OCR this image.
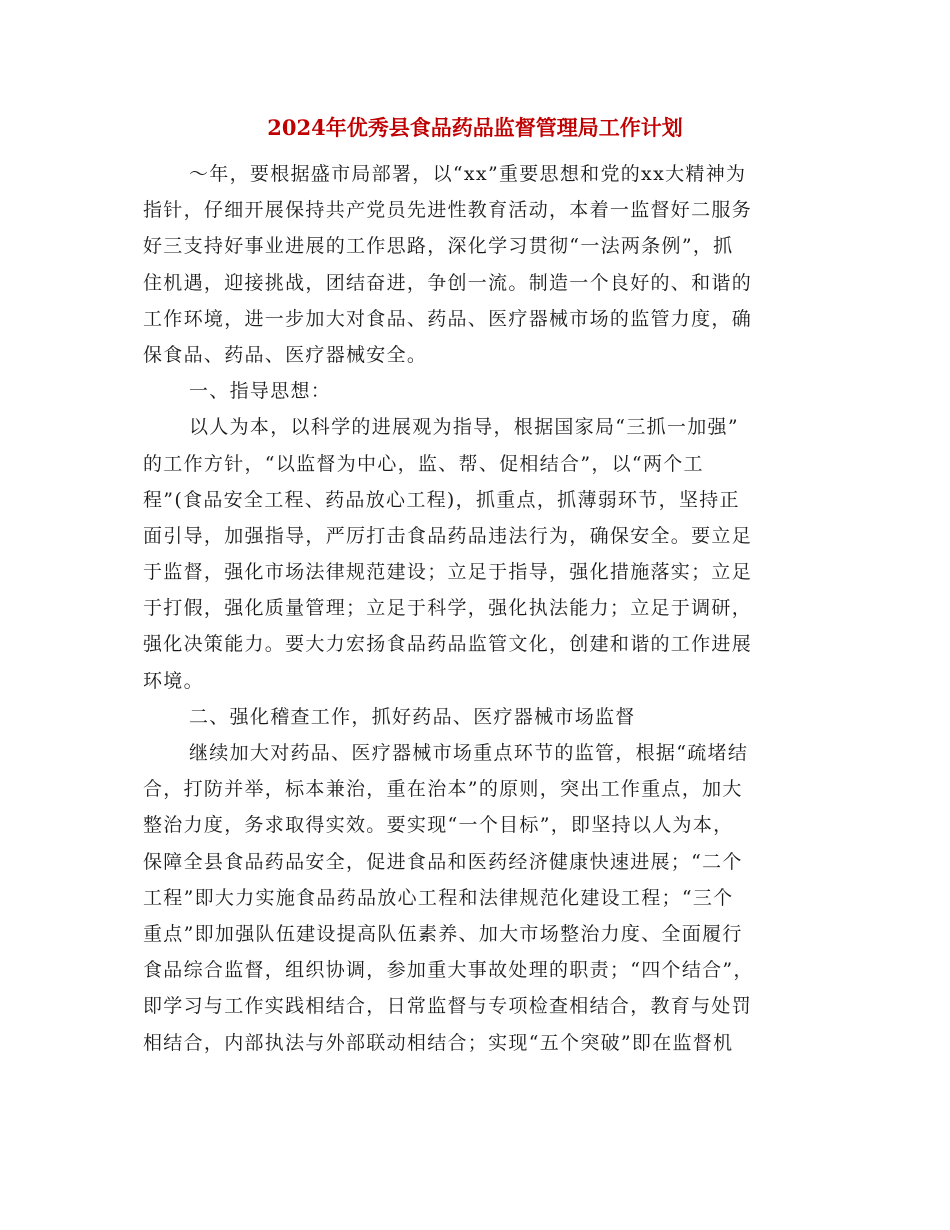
2024年优秀县食品药品监督管理局工作计划
～年，要根据盛市局部署，以“xx”重要思想和党的xx大精神为
指针，仔细开展保持共产党员先进性教育活动，本着一监督好二服务
好三支持好事业进展的工作思路，深化学习贯彻“一法两条例”，抓
住机遇，迎接挑战，团结奋进，争创一流。制造一个良好的、和谐的
工作环境，进一步加大对食品、药品、医疗器械市场的监管力度，确
保食品、药品、医疗器械安全。
一、指导思想：
以人为本，以科学的进展观为指导，根据国家局“三抓一加强”
的工作方针，“以监督为中心，监、帮、促相结合”，以“两个工
程”(食品安全工程、药品放心工程)，抓重点，抓薄弱环节，坚持正
面引导，加强指导，严厉打击食品药品违法行为，确保安全。要立足
于监督，强化市场法律规范建设；立足于指导，强化措施落实；立足
于打假，强化质量管理；立足于科学，强化执法能力；立足于调研，
强化决策能力。要大力宏扬食品药品监管文化，创建和谐的工作进展
环境。
二、强化稽查工作，抓好药品、医疗器械市场监督
继续加大对药品、医疗器械市场重点环节的监管，根据“疏堵结
合，打防并举，标本兼治，重在治本”的原则，突出工作重点，加大
整治力度，务求取得实效。要实现“一个目标”，即坚持以人为本，
保障全县食品药品安全，促进食品和医药经济健康快速进展；“二个
工程”即大力实施食品药品放心工程和法律规范化建设工程；“三个
重点”即加强队伍建设提高队伍素养、加大市场整治力度、全面履行
食品综合监督，组织协调，参加重大事故处理的职责；“四个结合”，
即学习与工作实践相结合，日常监督与专项检查相结合，教育与处罚
相结合，内部执法与外部联动相结合；实现“五个突破”即在监督机
